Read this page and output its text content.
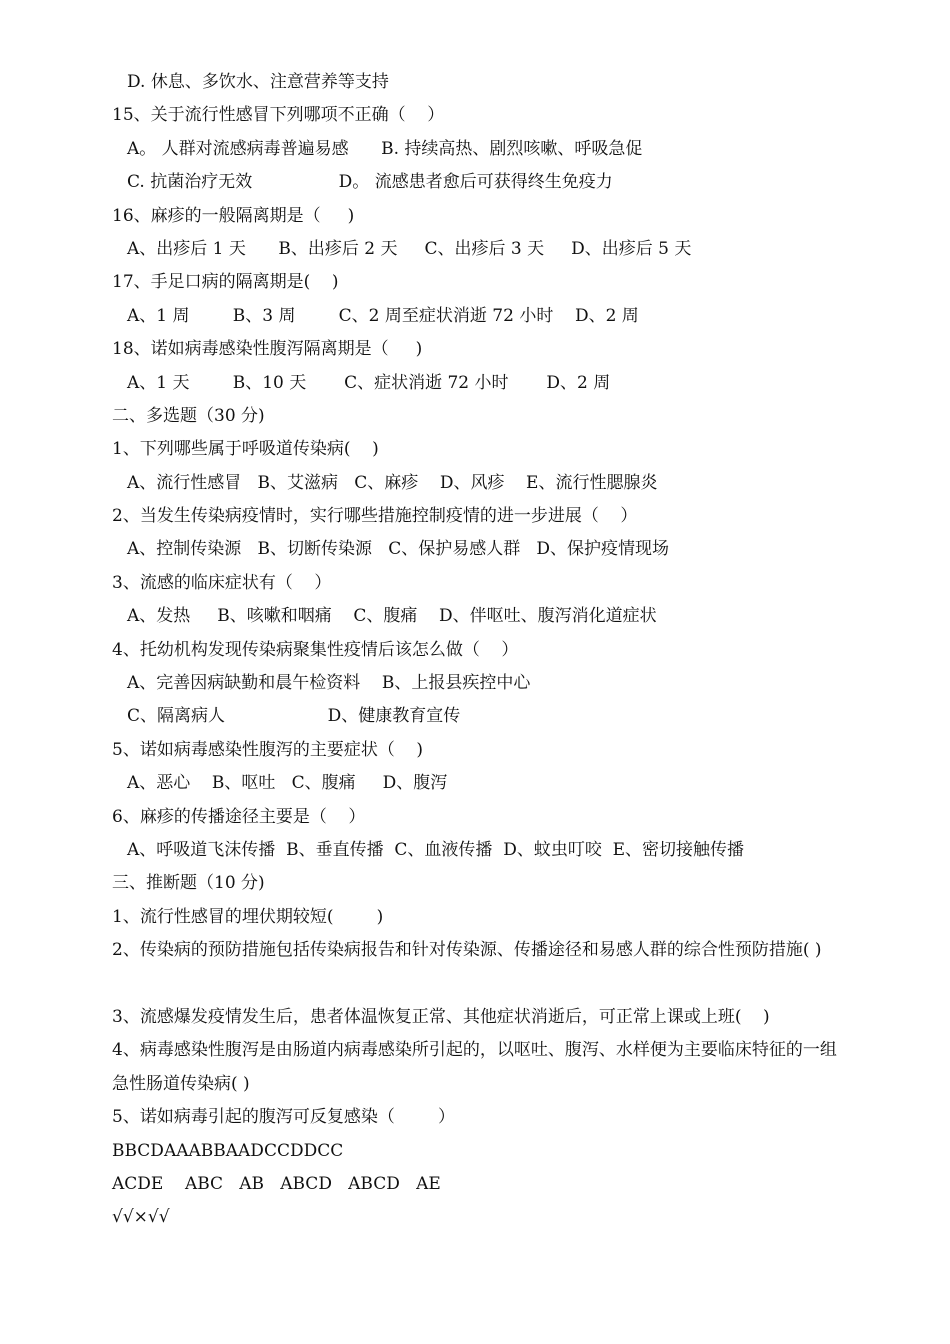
D. 休息、多饮水、注意营养等支持
15、关于流行性感冒下列哪项不正确（    ）
A。 人群对流感病毒普遍易感      B. 持续高热、剧烈咳嗽、呼吸急促
C. 抗菌治疗无效                D。 流感患者愈后可获得终生免疫力
16、麻疹的一般隔离期是（     )
A、出疹后 1 天      B、出疹后 2 天     C、出疹后 3 天     D、出疹后 5 天
17、手足口病的隔离期是(    )
A、1 周        B、3 周        C、2 周至症状消逝 72 小时    D、2 周
18、诺如病毒感染性腹泻隔离期是（     )
A、1 天        B、10 天       C、症状消逝 72 小时       D、2 周
二、多选题（30 分)
1、下列哪些属于呼吸道传染病(    )
A、流行性感冒   B、艾滋病   C、麻疹    D、风疹    E、流行性腮腺炎
2、当发生传染病疫情时，实行哪些措施控制疫情的进一步进展（    ）
A、控制传染源   B、切断传染源   C、保护易感人群   D、保护疫情现场
3、流感的临床症状有（    ）
A、发热     B、咳嗽和咽痛    C、腹痛    D、伴呕吐、腹泻消化道症状
4、托幼机构发现传染病聚集性疫情后该怎么做（    ）
A、完善因病缺勤和晨午检资料    B、上报县疾控中心
C、隔离病人                   D、健康教育宣传
5、诺如病毒感染性腹泻的主要症状（    )
A、恶心    B、呕吐   C、腹痛     D、腹泻
6、麻疹的传播途径主要是（    ）
A、呼吸道飞沫传播  B、垂直传播  C、血液传播  D、蚊虫叮咬  E、密切接触传播
三、推断题（10 分)
1、流行性感冒的埋伏期较短(        )
2、传染病的预防措施包括传染病报告和针对传染源、传播途径和易感人群的综合性预防措施( )
3、流感爆发疫情发生后，患者体温恢复正常、其他症状消逝后，可正常上课或上班(    )
4、病毒感染性腹泻是由肠道内病毒感染所引起的，以呕吐、腹泻、水样便为主要临床特征的一组急性肠道传染病( )
5、诺如病毒引起的腹泻可反复感染（        ）
BBCDAAABBAADCCDDCC
ACDE    ABC   AB   ABCD   ABCD   AE
√√×√√
